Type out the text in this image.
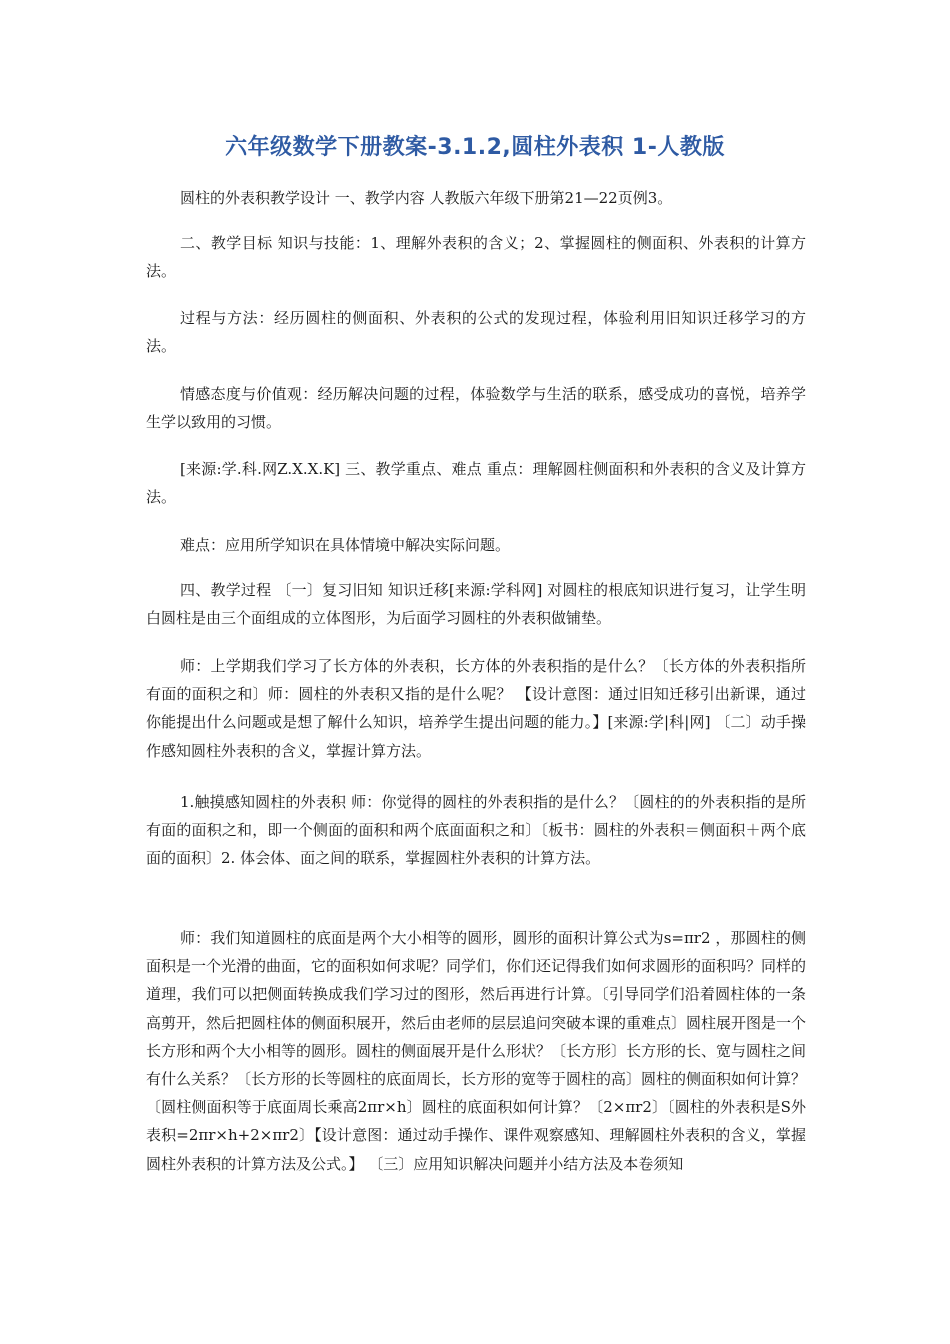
六年级数学下册教案-3.1.2,圆柱外表积 1-人教版

圆柱的外表积教学设计 一、教学内容 人教版六年级下册第21—22页例3。

二、教学目标 知识与技能：1、理解外表积的含义；2、掌握圆柱的侧面积、外表积的计算方法。

过程与方法：经历圆柱的侧面积、外表积的公式的发现过程，体验利用旧知识迁移学习的方法。

情感态度与价值观：经历解决问题的过程，体验数学与生活的联系，感受成功的喜悦，培养学生学以致用的习惯。

[来源:学.科.网Z.X.X.K] 三、教学重点、难点 重点：理解圆柱侧面积和外表积的含义及计算方法。

难点：应用所学知识在具体情境中解决实际问题。

四、教学过程 〔一〕复习旧知 知识迁移[来源:学科网] 对圆柱的根底知识进行复习，让学生明白圆柱是由三个面组成的立体图形，为后面学习圆柱的外表积做铺垫。

师：上学期我们学习了长方体的外表积，长方体的外表积指的是什么？〔长方体的外表积指所有面的面积之和〕师：圆柱的外表积又指的是什么呢？ 【设计意图：通过旧知迁移引出新课，通过你能提出什么问题或是想了解什么知识，培养学生提出问题的能力。】[来源:学|科|网] 〔二〕动手操作感知圆柱外表积的含义，掌握计算方法。

1.触摸感知圆柱的外表积 师：你觉得的圆柱的外表积指的是什么？〔圆柱的的外表积指的是所有面的面积之和，即一个侧面的面积和两个底面面积之和〕〔板书：圆柱的外表积＝侧面积＋两个底面的面积〕2. 体会体、面之间的联系，掌握圆柱外表积的计算方法。

师：我们知道圆柱的底面是两个大小相等的圆形，圆形的面积计算公式为s=πr2 ，那圆柱的侧面积是一个光滑的曲面，它的面积如何求呢？同学们，你们还记得我们如何求圆形的面积吗？同样的道理，我们可以把侧面转换成我们学习过的图形，然后再进行计算。〔引导同学们沿着圆柱体的一条高剪开，然后把圆柱体的侧面积展开，然后由老师的层层追问突破本课的重难点〕圆柱展开图是一个长方形和两个大小相等的圆形。圆柱的侧面展开是什么形状？〔长方形〕长方形的长、宽与圆柱之间有什么关系？〔长方形的长等圆柱的底面周长，长方形的宽等于圆柱的高〕圆柱的侧面积如何计算？〔圆柱侧面积等于底面周长乘高2πr×h〕圆柱的底面积如何计算？〔2×πr2〕〔圆柱的外表积是S外表积=2πr×h+2×πr2〕【设计意图：通过动手操作、课件观察感知、理解圆柱外表积的含义，掌握圆柱外表积的计算方法及公式。】 〔三〕应用知识解决问题并小结方法及本卷须知
